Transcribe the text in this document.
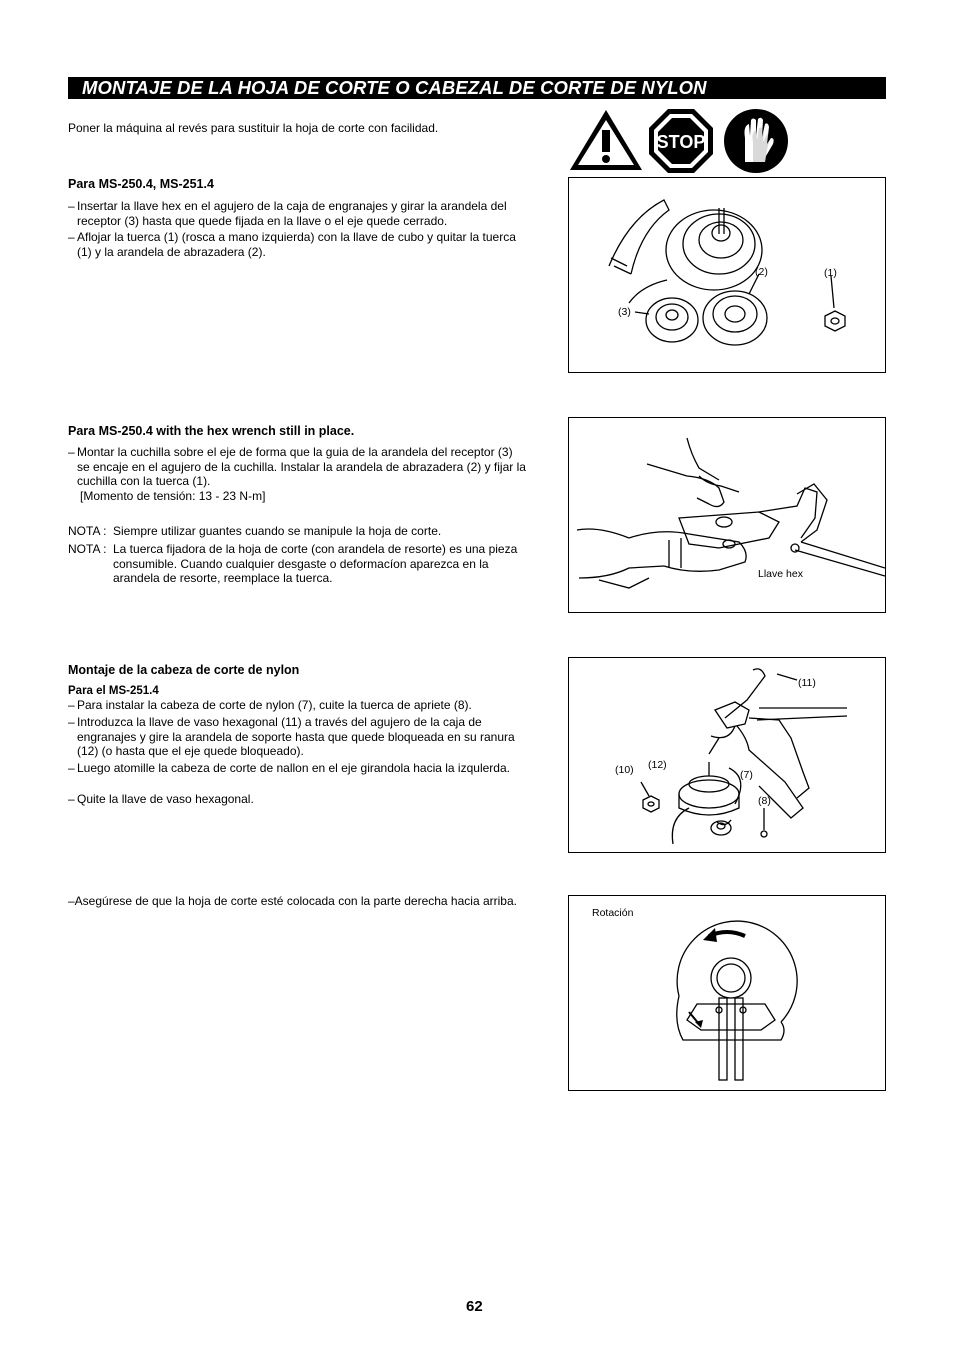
MONTAJE DE LA HOJA DE CORTE O CABEZAL DE CORTE DE NYLON
Poner la máquina al revés para sustituir la hoja de corte con facilidad.
STOP
Para MS-250.4, MS-251.4
– Insertar la llave hex en el agujero de la caja de engranajes y girar la arandela del receptor (3) hasta que quede fijada en la llave o el eje quede cerrado.
– Aflojar la tuerca (1) (rosca a mano izquierda) con la llave de cubo y quitar la tuerca (1) y la arandela de abrazadera (2).
(2)	(1)
(3)
Para MS-250.4 with the hex wrench still in place.
– Montar la cuchilla sobre el eje de forma que la guia de la arandela del receptor (3) se encaje en el agujero de la cuchilla. Instalar la arandela de abrazadera (2) y fijar la cuchilla con la tuerca (1).
[Momento de tensión: 13 - 23 N-m]
NOTA : Siempre utilizar guantes cuando se manipule la hoja de corte.
NOTA : La tuerca fijadora de la hoja de corte (con arandela de resorte) es una pieza consumible. Cuando cualquier desgaste o deformacíon aparezca en la arandela de resorte, reemplace la tuerca.	Llave hex
Montaje de la cabeza de corte de nylon
Para el MS-251.4
– Para instalar la cabeza de corte de nylon (7), cuite la tuerca de apriete (8).
– Introduzca la llave de vaso hexagonal (11) a través del agujero de la caja de engranajes y gire la arandela de soporte hasta que quede bloqueada en su ranura (12) (o hasta que el eje quede bloqueado).
– Luego atomille la cabeza de corte de nallon en el eje girandola hacia la izqulerda.
– Quite la llave de vaso hexagonal.
(11)
(10) (12)
(7)
(8)
–Asegúrese de que la hoja de corte esté colocada con la parte derecha hacia arriba.
Rotación
62
